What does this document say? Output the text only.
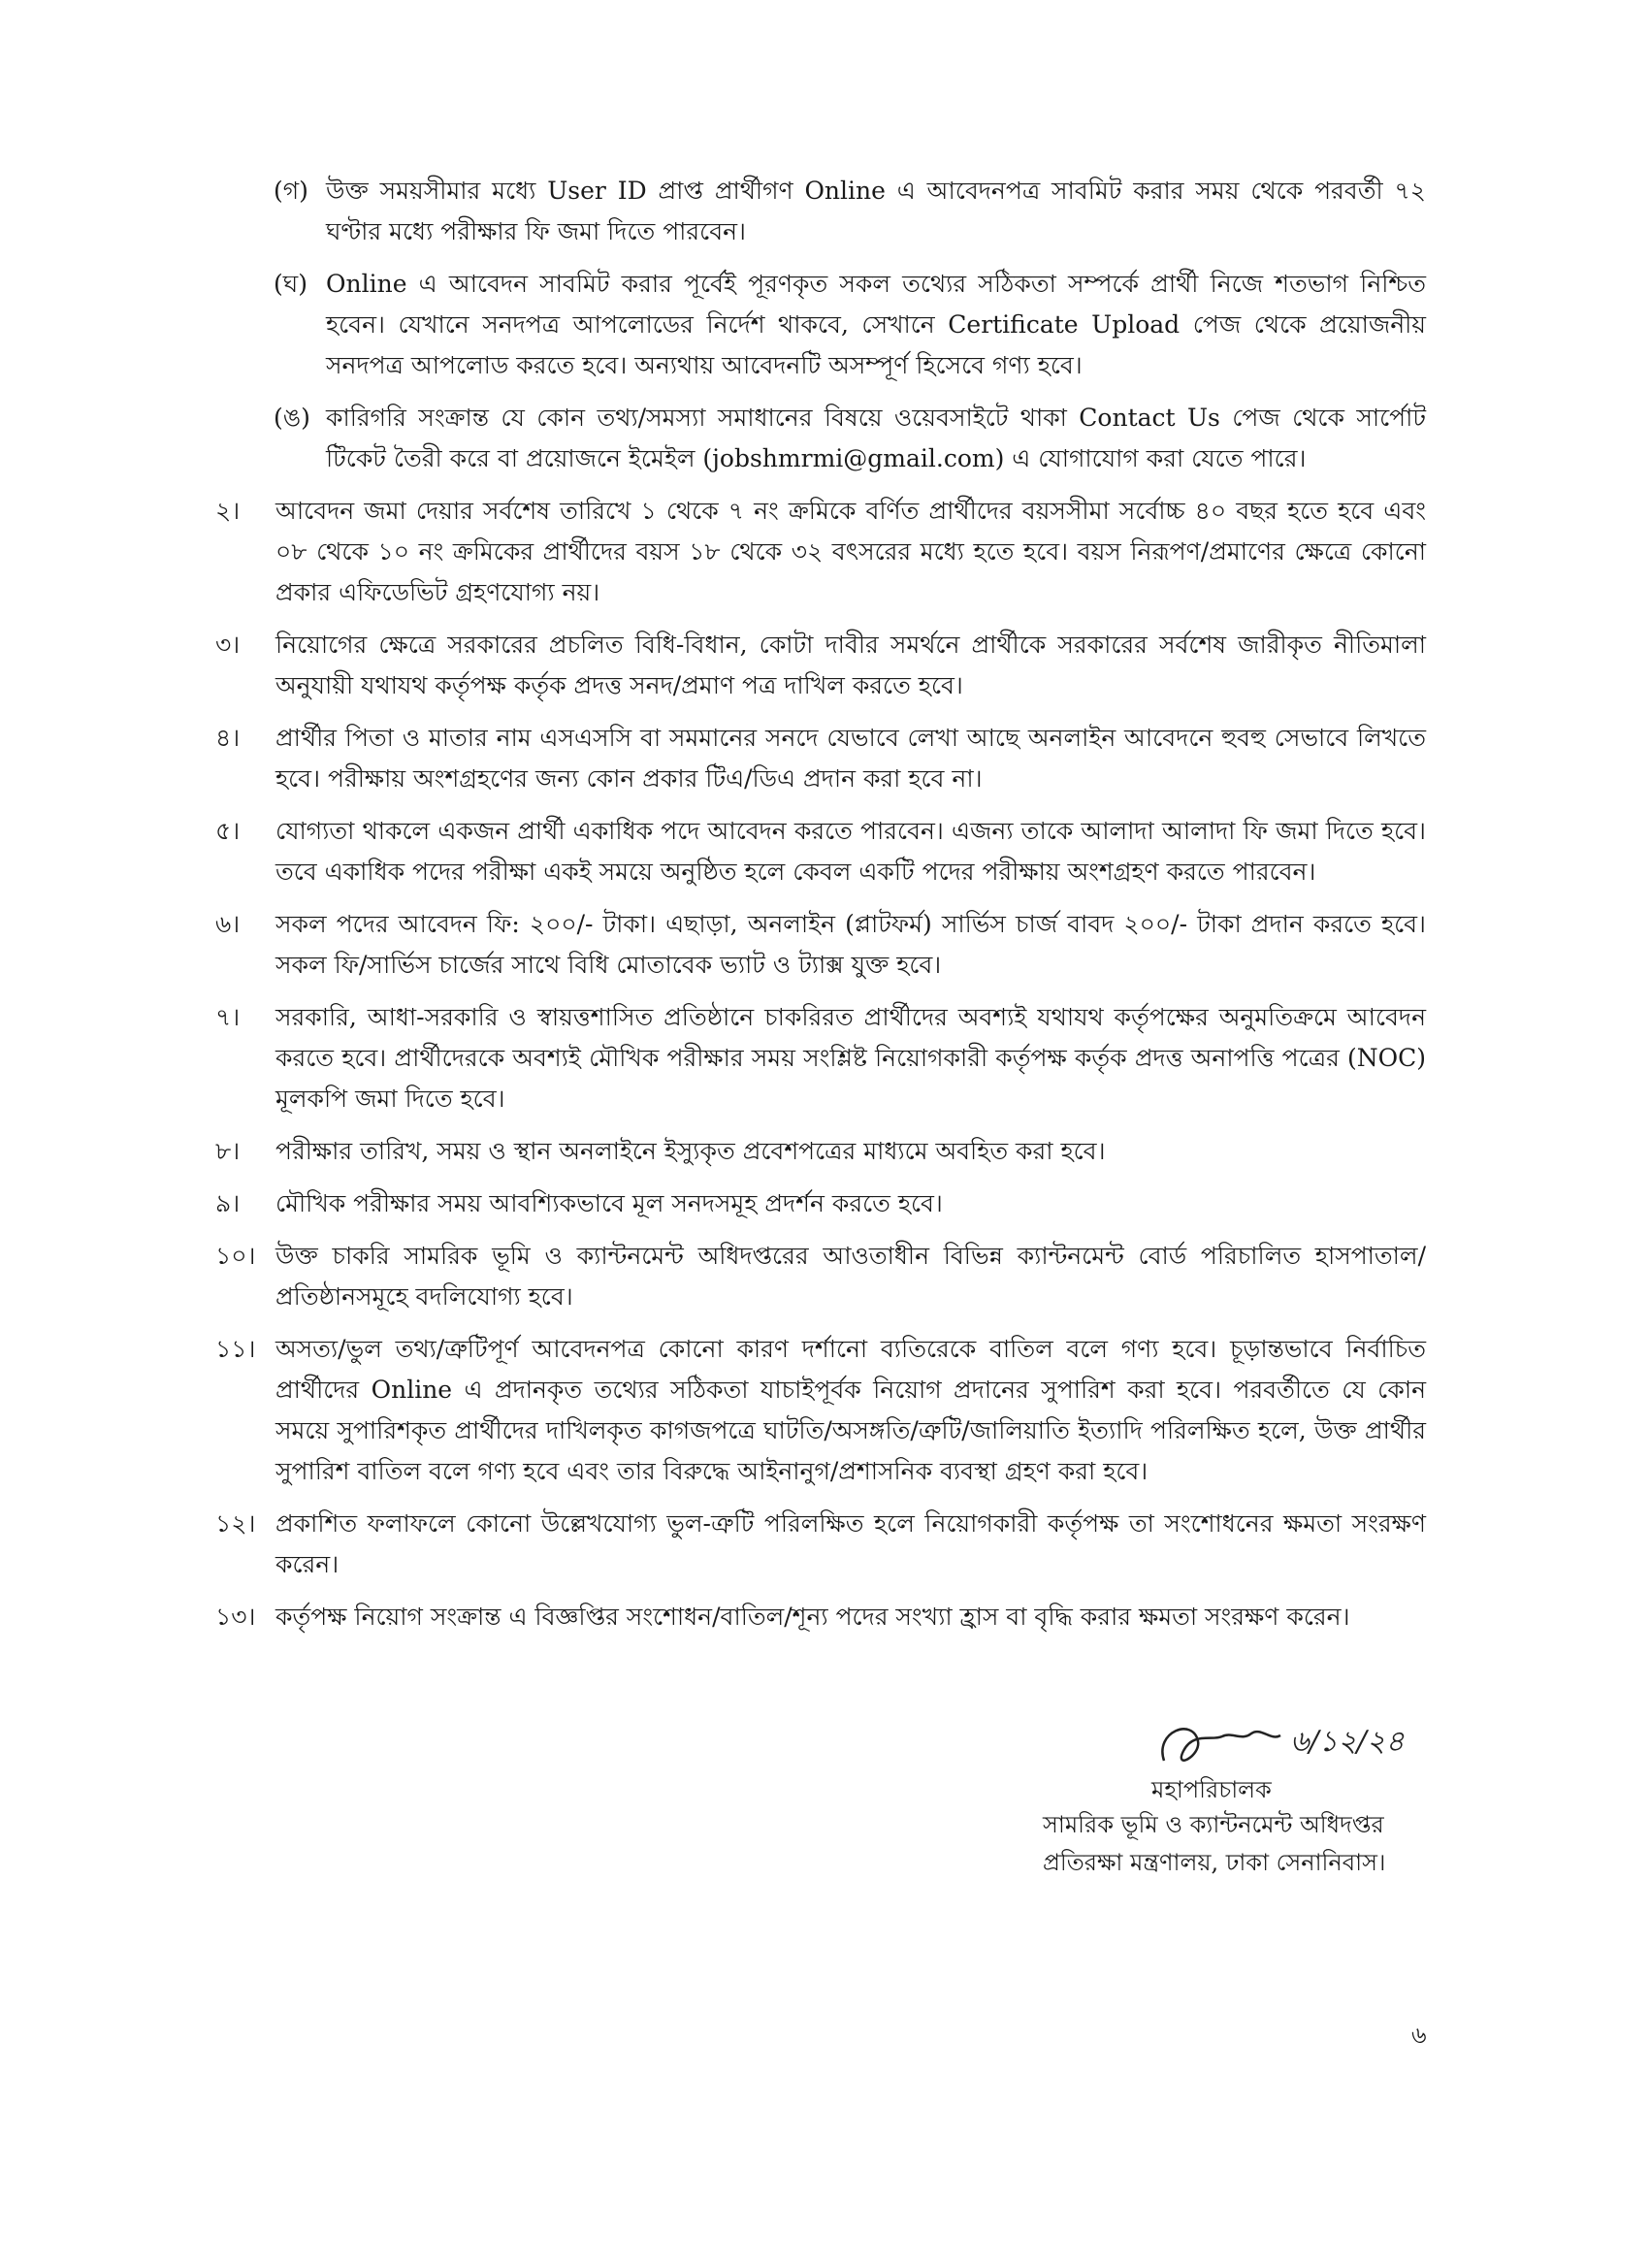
(গ) উক্ত সময়সীমার মধ্যে User ID প্রাপ্ত প্রার্থীগণ Online এ আবেদনপত্র সাবমিট করার সময় থেকে পরবর্তী ৭২ ঘণ্টার মধ্যে পরীক্ষার ফি জমা দিতে পারবেন।
(ঘ) Online এ আবেদন সাবমিট করার পূর্বেই পূরণকৃত সকল তথ্যের সঠিকতা সম্পর্কে প্রার্থী নিজে শতভাগ নিশ্চিত হবেন। যেখানে সনদপত্র আপলোডের নির্দেশ থাকবে, সেখানে Certificate Upload পেজ থেকে প্রয়োজনীয় সনদপত্র আপলোড করতে হবে। অন্যথায় আবেদনটি অসম্পূর্ণ হিসেবে গণ্য হবে।
(ঙ) কারিগরি সংক্রান্ত যে কোন তথ্য/সমস্যা সমাধানের বিষয়ে ওয়েবসাইটে থাকা Contact Us পেজ থেকে সার্পোট টিকেট তৈরী করে বা প্রয়োজনে ইমেইল (jobshmrmi@gmail.com) এ যোগাযোগ করা যেতে পারে।
২।	আবেদন জমা দেয়ার সর্বশেষ তারিখে ১ থেকে ৭ নং ক্রমিকে বর্ণিত প্রার্থীদের বয়সসীমা সর্বোচ্চ ৪০ বছর হতে হবে এবং ০৮ থেকে ১০ নং ক্রমিকের প্রার্থীদের বয়স ১৮ থেকে ৩২ বৎসরের মধ্যে হতে হবে। বয়স নিরূপণ/প্রমাণের ক্ষেত্রে কোনো প্রকার এফিডেভিট গ্রহণযোগ্য নয়।
৩।	নিয়োগের ক্ষেত্রে সরকারের প্রচলিত বিধি-বিধান, কোটা দাবীর সমর্থনে প্রার্থীকে সরকারের সর্বশেষ জারীকৃত নীতিমালা অনুযায়ী যথাযথ কর্তৃপক্ষ কর্তৃক প্রদত্ত সনদ/প্রমাণ পত্র দাখিল করতে হবে।
৪।	প্রার্থীর পিতা ও মাতার নাম এসএসসি বা সমমানের সনদে যেভাবে লেখা আছে অনলাইন আবেদনে হুবহু সেভাবে লিখতে হবে। পরীক্ষায় অংশগ্রহণের জন্য কোন প্রকার টিএ/ডিএ প্রদান করা হবে না।
৫।	যোগ্যতা থাকলে একজন প্রার্থী একাধিক পদে আবেদন করতে পারবেন। এজন্য তাকে আলাদা আলাদা ফি জমা দিতে হবে। তবে একাধিক পদের পরীক্ষা একই সময়ে অনুষ্ঠিত হলে কেবল একটি পদের পরীক্ষায় অংশগ্রহণ করতে পারবেন।
৬।	সকল পদের আবেদন ফি: ২০০/- টাকা। এছাড়া, অনলাইন (প্লাটফর্ম) সার্ভিস চার্জ বাবদ ২০০/- টাকা প্রদান করতে হবে। সকল ফি/সার্ভিস চার্জের সাথে বিধি মোতাবেক ভ্যাট ও ট্যাক্স যুক্ত হবে।
৭।	সরকারি, আধা-সরকারি ও স্বায়ত্তশাসিত প্রতিষ্ঠানে চাকরিরত প্রার্থীদের অবশ্যই যথাযথ কর্তৃপক্ষের অনুমতিক্রমে আবেদন করতে হবে। প্রার্থীদেরকে অবশ্যই মৌখিক পরীক্ষার সময় সংশ্লিষ্ট নিয়োগকারী কর্তৃপক্ষ কর্তৃক প্রদত্ত অনাপত্তি পত্রের (NOC) মূলকপি জমা দিতে হবে।
৮।	পরীক্ষার তারিখ, সময় ও স্থান অনলাইনে ইস্যুকৃত প্রবেশপত্রের মাধ্যমে অবহিত করা হবে।
৯।	মৌখিক পরীক্ষার সময় আবশ্যিকভাবে মূল সনদসমূহ প্রদর্শন করতে হবে।
১০। উক্ত চাকরি সামরিক ভূমি ও ক্যান্টনমেন্ট অধিদপ্তরের আওতাধীন বিভিন্ন ক্যান্টনমেন্ট বোর্ড পরিচালিত হাসপাতাল/ প্রতিষ্ঠানসমূহে বদলিযোগ্য হবে।
১১। অসত্য/ভুল তথ্য/ত্রুটিপূর্ণ আবেদনপত্র কোনো কারণ দর্শানো ব্যতিরেকে বাতিল বলে গণ্য হবে। চূড়ান্তভাবে নির্বাচিত প্রার্থীদের Online এ প্রদানকৃত তথ্যের সঠিকতা যাচাইপূর্বক নিয়োগ প্রদানের সুপারিশ করা হবে। পরবর্তীতে যে কোন সময়ে সুপারিশকৃত প্রার্থীদের দাখিলকৃত কাগজপত্রে ঘাটতি/অসঙ্গতি/ত্রুটি/জালিয়াতি ইত্যাদি পরিলক্ষিত হলে, উক্ত প্রার্থীর সুপারিশ বাতিল বলে গণ্য হবে এবং তার বিরুদ্ধে আইনানুগ/প্রশাসনিক ব্যবস্থা গ্রহণ করা হবে।
১২। প্রকাশিত ফলাফলে কোনো উল্লেখযোগ্য ভুল-ত্রুটি পরিলক্ষিত হলে নিয়োগকারী কর্তৃপক্ষ তা সংশোধনের ক্ষমতা সংরক্ষণ করেন।
১৩। কর্তৃপক্ষ নিয়োগ সংক্রান্ত এ বিজ্ঞপ্তির সংশোধন/বাতিল/শূন্য পদের সংখ্যা হ্রাস বা বৃদ্ধি করার ক্ষমতা সংরক্ষণ করেন।
৬/১২/২৪
মহাপরিচালক
সামরিক ভূমি ও ক্যান্টনমেন্ট অধিদপ্তর
প্রতিরক্ষা মন্ত্রণালয়, ঢাকা সেনানিবাস।
৬
